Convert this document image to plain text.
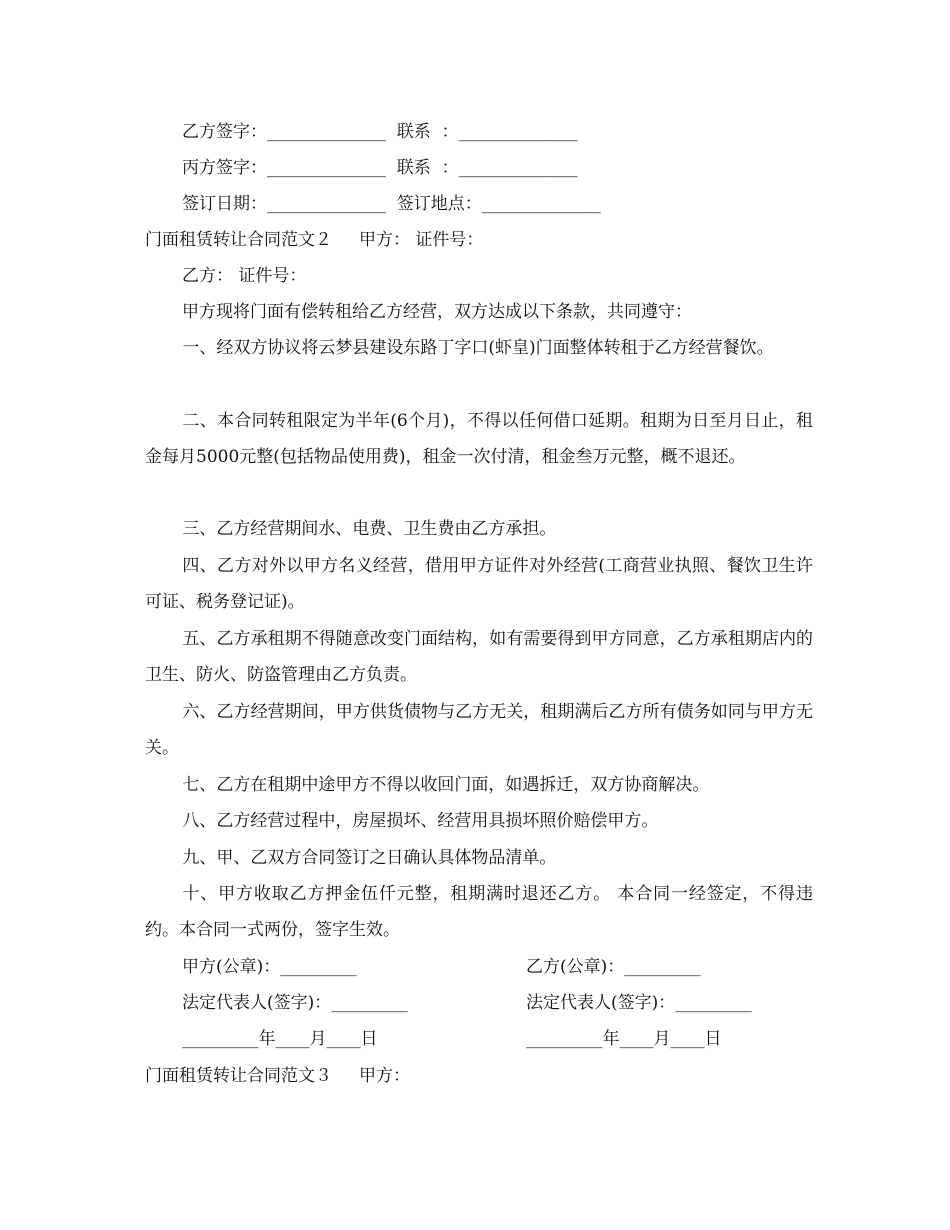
乙方签字：______________  联系  ：______________

丙方签字：______________  联系  ：______________

签订日期：______________  签订地点：______________

门面租赁转让合同范文２     甲方： 证件号：

乙方： 证件号：

甲方现将门面有偿转租给乙方经营，双方达成以下条款，共同遵守：

一、经双方协议将云梦县建设东路丁字口(虾皇)门面整体转租于乙方经营餐饮。

二、本合同转租限定为半年(6个月)，不得以任何借口延期。租期为日至月日止，租金每月5000元整(包括物品使用费)，租金一次付清，租金叁万元整，概不退还。

三、乙方经营期间水、电费、卫生费由乙方承担。

四、乙方对外以甲方名义经营，借用甲方证件对外经营(工商营业执照、餐饮卫生许可证、税务登记证)。

五、乙方承租期不得随意改变门面结构，如有需要得到甲方同意，乙方承租期店内的卫生、防火、防盗管理由乙方负责。

六、乙方经营期间，甲方供货债物与乙方无关，租期满后乙方所有债务如同与甲方无关。

七、乙方在租期中途甲方不得以收回门面，如遇拆迁，双方协商解决。

八、乙方经营过程中，房屋损坏、经营用具损坏照价赔偿甲方。

九、甲、乙双方合同签订之日确认具体物品清单。

十、甲方收取乙方押金伍仟元整，租期满时退还乙方。 本合同一经签定，不得违约。本合同一式两份，签字生效。

甲方(公章)：_________	乙方(公章)：_________
法定代表人(签字)：_________	法定代表人(签字)：_________
_________年____月____日	_________年____月____日

门面租赁转让合同范文３     甲方：
